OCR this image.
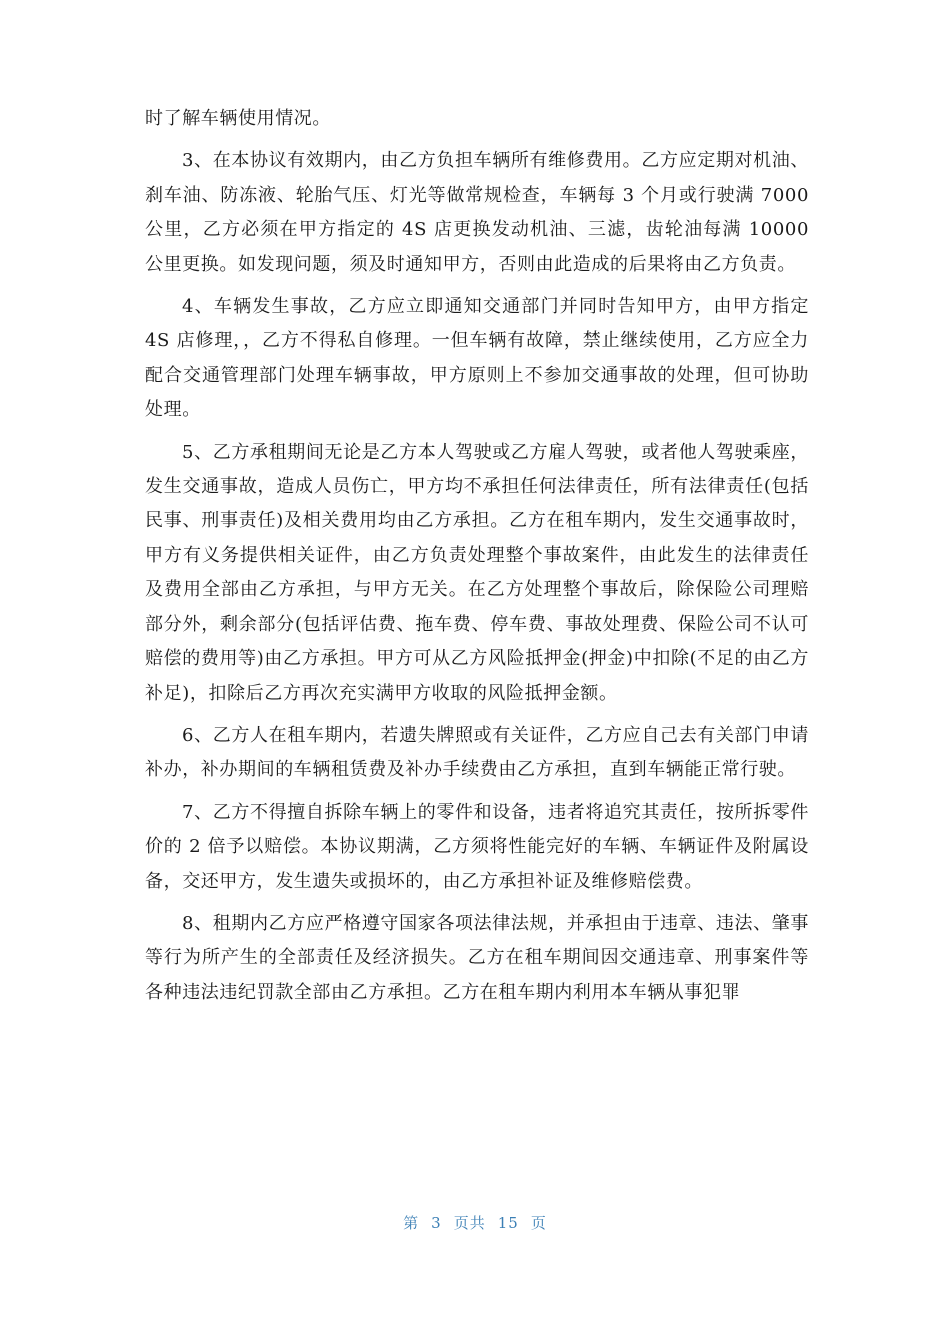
时了解车辆使用情况。

3、在本协议有效期内，由乙方负担车辆所有维修费用。乙方应定期对机油、刹车油、防冻液、轮胎气压、灯光等做常规检查，车辆每 3 个月或行驶满 7000 公里，乙方必须在甲方指定的 4S 店更换发动机油、三滤，齿轮油每满 10000 公里更换。如发现问题，须及时通知甲方，否则由此造成的后果将由乙方负责。

4、车辆发生事故，乙方应立即通知交通部门并同时告知甲方，由甲方指定 4S 店修理，，乙方不得私自修理。一但车辆有故障，禁止继续使用，乙方应全力配合交通管理部门处理车辆事故，甲方原则上不参加交通事故的处理，但可协助处理。

5、乙方承租期间无论是乙方本人驾驶或乙方雇人驾驶，或者他人驾驶乘座，发生交通事故，造成人员伤亡，甲方均不承担任何法律责任，所有法律责任(包括民事、刑事责任)及相关费用均由乙方承担。乙方在租车期内，发生交通事故时，甲方有义务提供相关证件，由乙方负责处理整个事故案件，由此发生的法律责任及费用全部由乙方承担，与甲方无关。在乙方处理整个事故后，除保险公司理赔部分外，剩余部分(包括评估费、拖车费、停车费、事故处理费、保险公司不认可赔偿的费用等)由乙方承担。甲方可从乙方风险抵押金(押金)中扣除(不足的由乙方补足)，扣除后乙方再次充实满甲方收取的风险抵押金额。

6、乙方人在租车期内，若遗失牌照或有关证件，乙方应自己去有关部门申请补办，补办期间的车辆租赁费及补办手续费由乙方承担，直到车辆能正常行驶。

7、乙方不得擅自拆除车辆上的零件和设备，违者将追究其责任，按所拆零件价的 2 倍予以赔偿。本协议期满，乙方须将性能完好的车辆、车辆证件及附属设备，交还甲方，发生遗失或损坏的，由乙方承担补证及维修赔偿费。

8、租期内乙方应严格遵守国家各项法律法规，并承担由于违章、违法、肇事等行为所产生的全部责任及经济损失。乙方在租车期间因交通违章、刑事案件等各种违法违纪罚款全部由乙方承担。乙方在租车期内利用本车辆从事犯罪

第 3 页共 15 页
